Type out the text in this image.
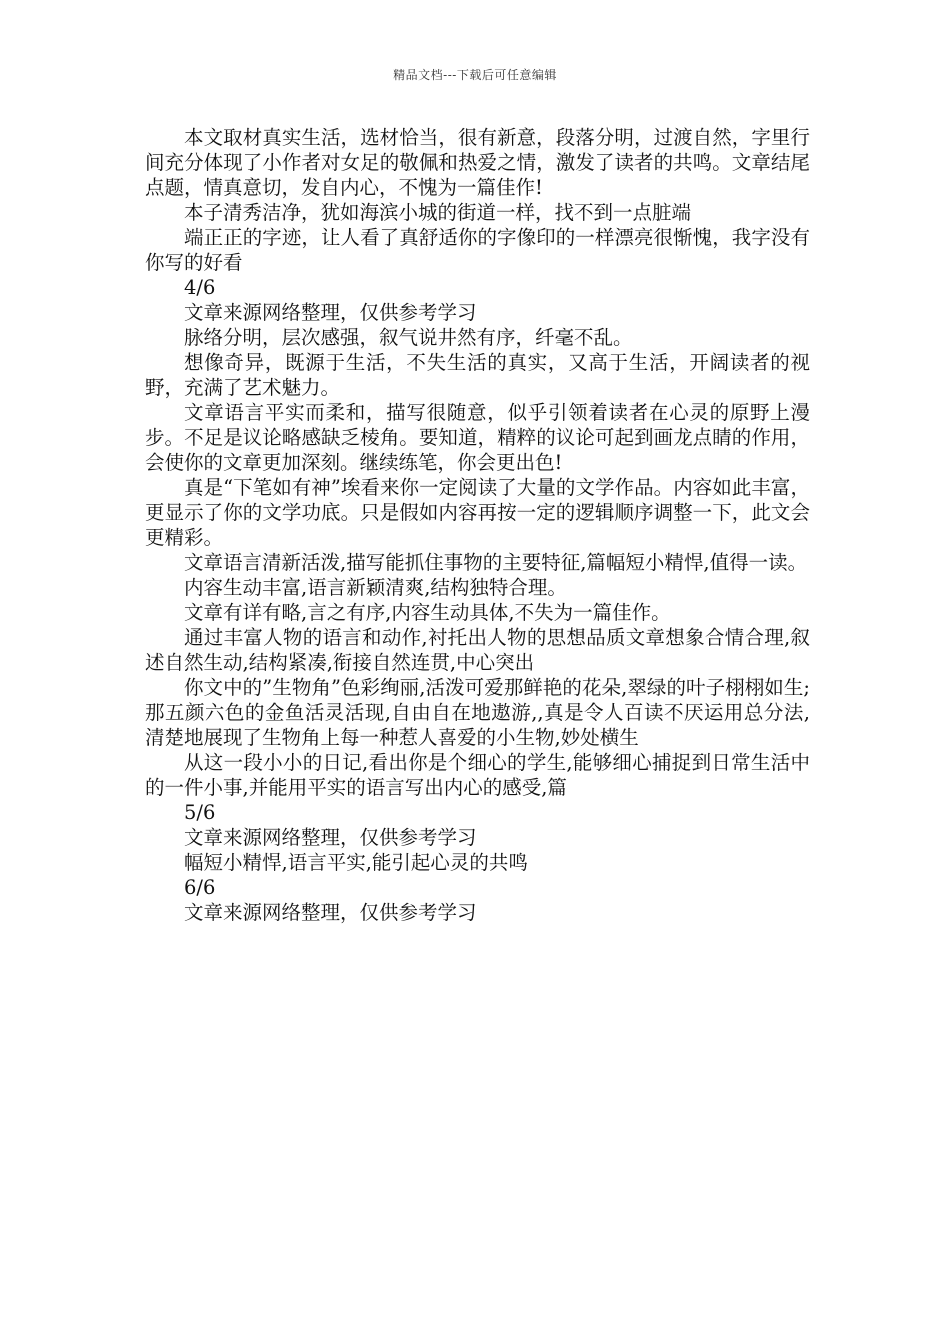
精品文档---下载后可任意编辑

本文取材真实生活，选材恰当，很有新意，段落分明，过渡自然，字里行间充分体现了小作者对女足的敬佩和热爱之情，激发了读者的共鸣。文章结尾点题，情真意切，发自内心，不愧为一篇佳作!

本子清秀洁净，犹如海滨小城的街道一样，找不到一点脏端

端正正的字迹，让人看了真舒适你的字像印的一样漂亮很惭愧，我字没有你写的好看

4/6

文章来源网络整理，仅供参考学习

脉络分明，层次感强，叙气说井然有序，纤毫不乱。

想像奇异，既源于生活，不失生活的真实，又高于生活，开阔读者的视野，充满了艺术魅力。

文章语言平实而柔和，描写很随意，似乎引领着读者在心灵的原野上漫步。不足是议论略感缺乏棱角。要知道，精粹的议论可起到画龙点睛的作用，会使你的文章更加深刻。继续练笔，你会更出色!

真是“下笔如有神”埃看来你一定阅读了大量的文学作品。内容如此丰富，更显示了你的文学功底。只是假如内容再按一定的逻辑顺序调整一下，此文会更精彩。

文章语言清新活泼,描写能抓住事物的主要特征,篇幅短小精悍,值得一读。

内容生动丰富,语言新颖清爽,结构独特合理。

文章有详有略,言之有序,内容生动具体,不失为一篇佳作。

通过丰富人物的语言和动作,衬托出人物的思想品质文章想象合情合理,叙述自然生动,结构紧凑,衔接自然连贯,中心突出

你文中的”生物角”色彩绚丽,活泼可爱那鲜艳的花朵,翠绿的叶子栩栩如生;那五颜六色的金鱼活灵活现,自由自在地遨游,,真是令人百读不厌运用总分法,清楚地展现了生物角上每一种惹人喜爱的小生物,妙处横生

从这一段小小的日记,看出你是个细心的学生,能够细心捕捉到日常生活中的一件小事,并能用平实的语言写出内心的感受,篇

5/6

文章来源网络整理，仅供参考学习

幅短小精悍,语言平实,能引起心灵的共鸣

6/6

文章来源网络整理，仅供参考学习
